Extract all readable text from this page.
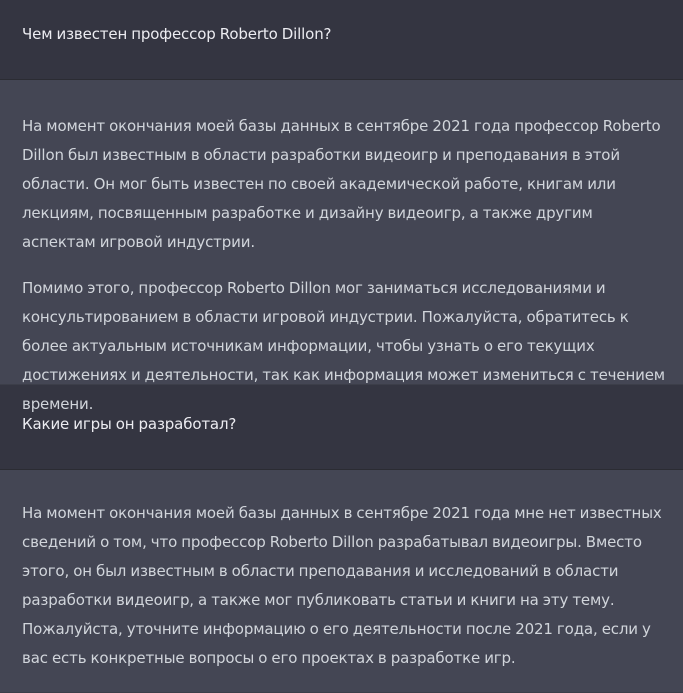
Чем известен профессор Roberto Dillon?

На момент окончания моей базы данных в сентябре 2021 года профессор Roberto Dillon был известным в области разработки видеоигр и преподавания в этой области. Он мог быть известен по своей академической работе, книгам или лекциям, посвященным разработке и дизайну видеоигр, а также другим аспектам игровой индустрии.

Помимо этого, профессор Roberto Dillon мог заниматься исследованиями и консультированием в области игровой индустрии. Пожалуйста, обратитесь к более актуальным источникам информации, чтобы узнать о его текущих достижениях и деятельности, так как информация может измениться с течением времени.

Какие игры он разработал?

На момент окончания моей базы данных в сентябре 2021 года мне нет известных сведений о том, что профессор Roberto Dillon разрабатывал видеоигры. Вместо этого, он был известным в области преподавания и исследований в области разработки видеоигр, а также мог публиковать статьи и книги на эту тему. Пожалуйста, уточните информацию о его деятельности после 2021 года, если у вас есть конкретные вопросы о его проектах в разработке игр.
